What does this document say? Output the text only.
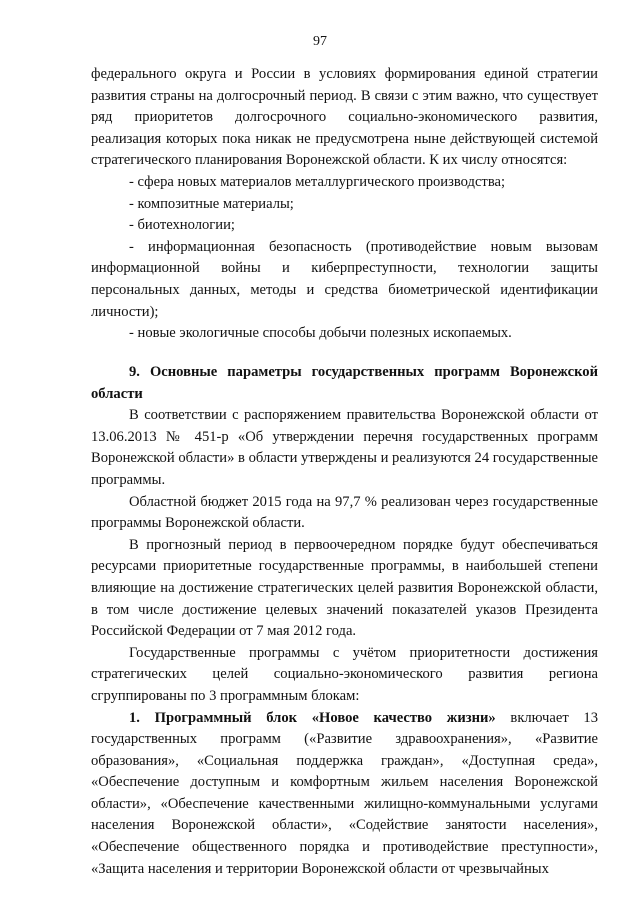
97

федерального округа и России в условиях формирования единой стратегии развития страны на долгосрочный период. В связи с этим важно, что существует ряд приоритетов долгосрочного социально-экономического развития, реализация которых пока никак не предусмотрена ныне действующей системой стратегического планирования Воронежской области. К их числу относятся:

- сфера новых материалов металлургического производства;

- композитные материалы;

- биотехнологии;

- информационная безопасность (противодействие новым вызовам информационной войны и киберпреступности, технологии защиты персональных данных, методы и средства биометрической идентификации личности);

- новые экологичные способы добычи полезных ископаемых.

9. Основные параметры государственных программ Воронежской области

В соответствии с распоряжением правительства Воронежской области от 13.06.2013 № 451-р «Об утверждении перечня государственных программ Воронежской области» в области утверждены и реализуются 24 государственные программы.

Областной бюджет 2015 года на 97,7 % реализован через государственные программы Воронежской области.

В прогнозный период в первоочередном порядке будут обеспечиваться ресурсами приоритетные государственные программы, в наибольшей степени влияющие на достижение стратегических целей развития Воронежской области, в том числе достижение целевых значений показателей указов Президента Российской Федерации от 7 мая 2012 года.

Государственные программы с учётом приоритетности достижения стратегических целей социально-экономического развития региона сгруппированы по 3 программным блокам:

1. Программный блок «Новое качество жизни» включает 13 государственных программ («Развитие здравоохранения», «Развитие образования», «Социальная поддержка граждан», «Доступная среда», «Обеспечение доступным и комфортным жильем населения Воронежской области», «Обеспечение качественными жилищно-коммунальными услугами населения Воронежской области», «Содействие занятости населения», «Обеспечение общественного порядка и противодействие преступности», «Защита населения и территории Воронежской области от чрезвычайных
